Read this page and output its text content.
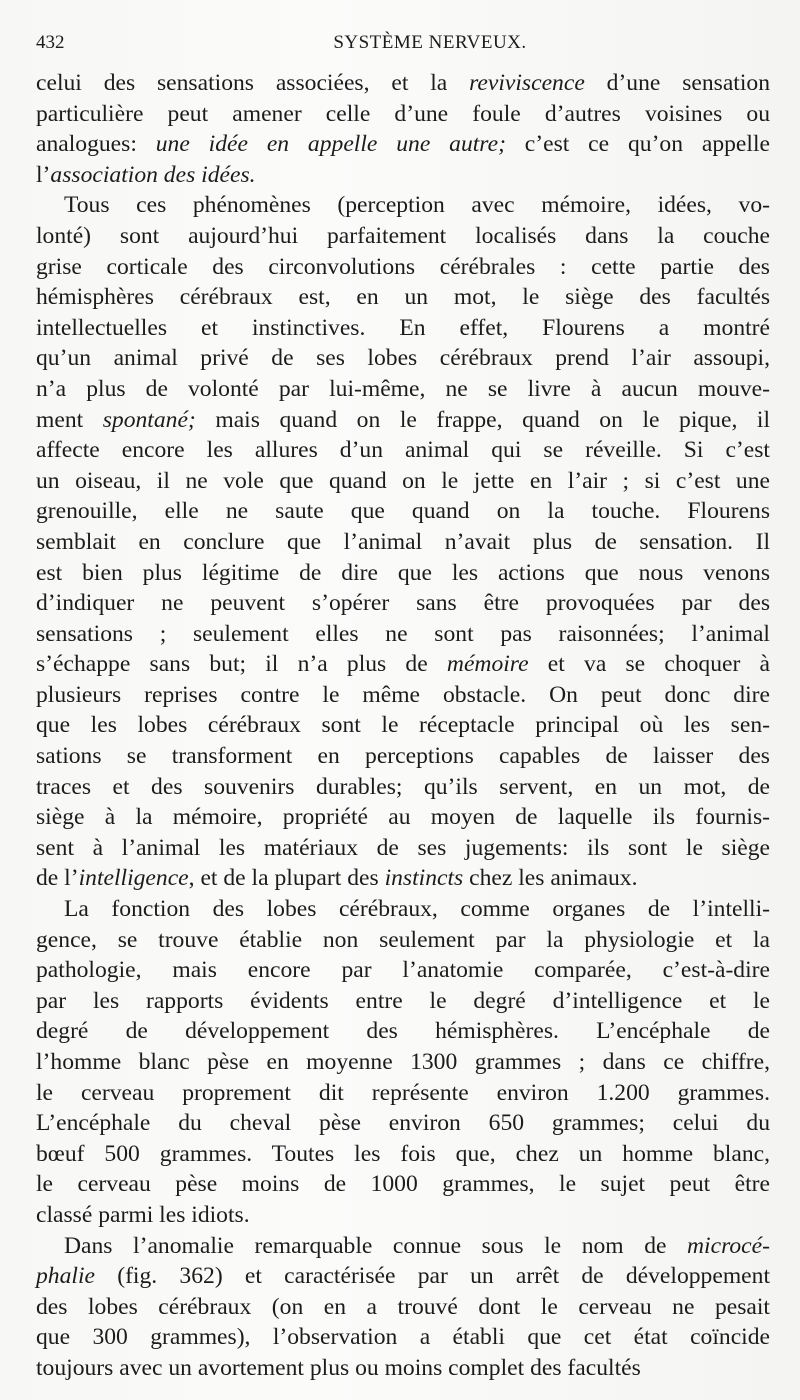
432	SYSTÈME NERVEUX.
celui des sensations associées, et la reviviscence d’une sensation
particulière peut amener celle d’une foule d’autres voisines ou
analogues: une idée en appelle une autre; c’est ce qu’on appelle
l’association des idées.
Tous ces phénomènes (perception avec mémoire, idées, vo-
lonté) sont aujourd’hui parfaitement localisés dans la couche
grise corticale des circonvolutions cérébrales : cette partie des
hémisphères cérébraux est, en un mot, le siège des facultés
intellectuelles et instinctives. En effet, Flourens a montré
qu’un animal privé de ses lobes cérébraux prend l’air assoupi,
n’a plus de volonté par lui-même, ne se livre à aucun mouve-
ment spontané; mais quand on le frappe, quand on le pique, il
affecte encore les allures d’un animal qui se réveille. Si c’est
un oiseau, il ne vole que quand on le jette en l’air ; si c’est une
grenouille, elle ne saute que quand on la touche. Flourens
semblait en conclure que l’animal n’avait plus de sensation. Il
est bien plus légitime de dire que les actions que nous venons
d’indiquer ne peuvent s’opérer sans être provoquées par des
sensations ; seulement elles ne sont pas raisonnées; l’animal
s’échappe sans but; il n’a plus de mémoire et va se choquer à
plusieurs reprises contre le même obstacle. On peut donc dire
que les lobes cérébraux sont le réceptacle principal où les sen-
sations se transforment en perceptions capables de laisser des
traces et des souvenirs durables; qu’ils servent, en un mot, de
siège à la mémoire, propriété au moyen de laquelle ils fournis-
sent à l’animal les matériaux de ses jugements: ils sont le siège
de l’intelligence, et de la plupart des instincts chez les animaux.
La fonction des lobes cérébraux, comme organes de l’intelli-
gence, se trouve établie non seulement par la physiologie et la
pathologie, mais encore par l’anatomie comparée, c’est-à-dire
par les rapports évidents entre le degré d’intelligence et le
degré de développement des hémisphères. L’encéphale de
l’homme blanc pèse en moyenne 1300 grammes ; dans ce chiffre,
le cerveau proprement dit représente environ 1.200 grammes.
L’encéphale du cheval pèse environ 650 grammes; celui du
bœuf 500 grammes. Toutes les fois que, chez un homme blanc,
le cerveau pèse moins de 1000 grammes, le sujet peut être
classé parmi les idiots.
Dans l’anomalie remarquable connue sous le nom de microcé-
phalie (fig. 362) et caractérisée par un arrêt de développement
des lobes cérébraux (on en a trouvé dont le cerveau ne pesait
que 300 grammes), l’observation a établi que cet état coïncide
toujours avec un avortement plus ou moins complet des facultés
